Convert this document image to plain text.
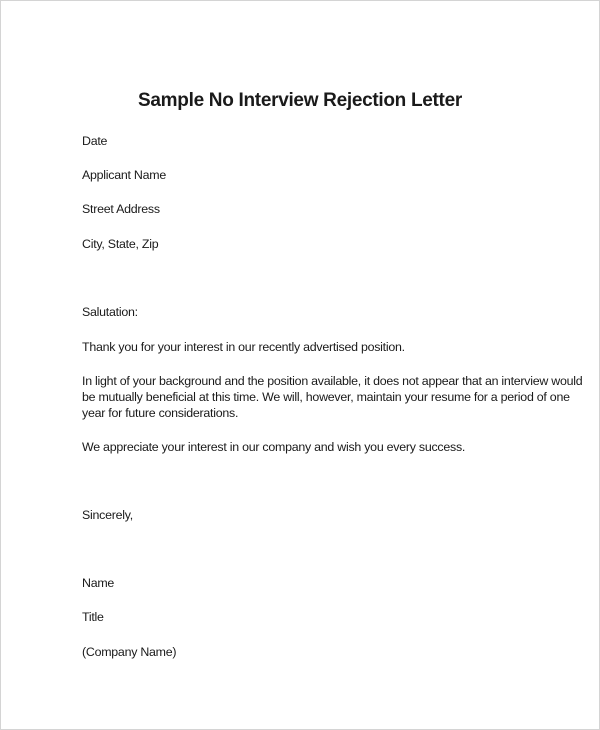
Sample No Interview Rejection Letter
Date
Applicant Name
Street Address
City, State, Zip
Salutation:
Thank you for your interest in our recently advertised position.
In light of your background and the position available, it does not appear that an interview would
be mutually beneficial at this time. We will, however, maintain your resume for a period of one
year for future considerations.
We appreciate your interest in our company and wish you every success.
Sincerely,
Name
Title
(Company Name)
